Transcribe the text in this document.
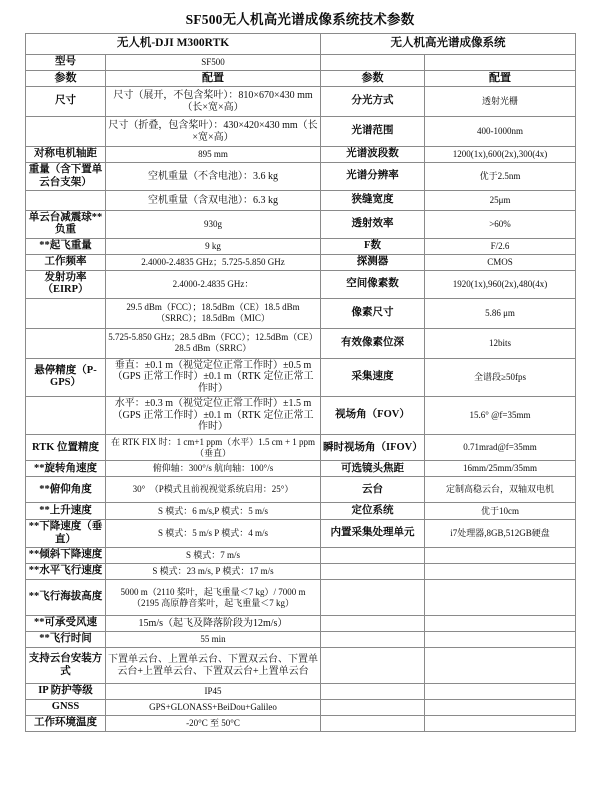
SF500无人机高光谱成像系统技术参数
无人机-DJI M300RTK		无人机高光谱成像系统	
型号	SF500		
参数	配置	参数	配置
尺寸	尺寸（展开，不包含桨叶）：810×670×430 mm（长×宽×高）	分光方式	透射光栅
	尺寸（折叠，包含桨叶）：430×420×430 mm（长×宽×高）	光谱范围	400-1000nm
对称电机轴距	895 mm	光谱波段数	1200(1x),600(2x),300(4x)
重量（含下置单云台支架）	空机重量（不含电池）：3.6 kg	光谱分辨率	优于2.5nm
	空机重量（含双电池）：6.3 kg	狭缝宽度	25μm
单云台减震球**负重	930g	透射效率	>60%
**起飞重量	9 kg	F数	F/2.6
工作频率	2.4000-2.4835 GHz；5.725-5.850 GHz	探测器	CMOS
发射功率（EIRP）	2.4000-2.4835 GHz：	空间像素数	1920(1x),960(2x),480(4x)
	29.5 dBm（FCC）；18.5dBm（CE）18.5 dBm（SRRC）；18.5dBm（MIC）	像素尺寸	5.86 μm
	5.725-5.850 GHz；28.5 dBm（FCC）；12.5dBm（CE）28.5 dBm（SRRC）	有效像素位深	12bits
悬停精度（P-GPS）	垂直：±0.1 m（视觉定位正常工作时）±0.5 m（GPS 正常工作时）±0.1 m（RTK 定位正常工作时）	采集速度	全谱段≥50fps
	水平：±0.3 m（视觉定位正常工作时）±1.5 m（GPS 正常工作时）±0.1 m（RTK 定位正常工作时）	视场角（FOV）	15.6° @f=35mm
RTK 位置精度	在 RTK FIX 时：1 cm+1 ppm（水平）1.5 cm + 1 ppm（垂直）	瞬时视场角（IFOV）	0.71mrad@f=35mm
**旋转角速度	俯仰轴：300°/s 航向轴：100°/s	可选镜头焦距	16mm/25mm/35mm
**俯仰角度	30°　（P模式且前视视觉系统启用：25°）	云台	定制高稳云台，双轴双电机
**上升速度	S 模式：6 m/s,P 模式：5 m/s	定位系统	优于10cm
**下降速度（垂直）	S 模式：5 m/s P 模式：4 m/s	内置采集处理单元	i7处理器,8GB,512GB硬盘
**倾斜下降速度	S 模式：7 m/s		
**水平飞行速度	S 模式：23 m/s, P 模式：17 m/s		
**飞行海拔高度	5000 m（2110 桨叶，起飞重量＜7 kg）/ 7000 m（2195 高原静音桨叶，起飞重量＜7 kg）		
**可承受风速	15m/s（起飞及降落阶段为12m/s）		
**飞行时间	55 min		
支持云台安装方式	下置单云台、上置单云台、下置双云台、下置单云台+上置单云台、下置双云台+上置单云台		
IP 防护等级	IP45		
GNSS	GPS+GLONASS+BeiDou+Galileo		
工作环境温度	-20°C 至 50°C		
